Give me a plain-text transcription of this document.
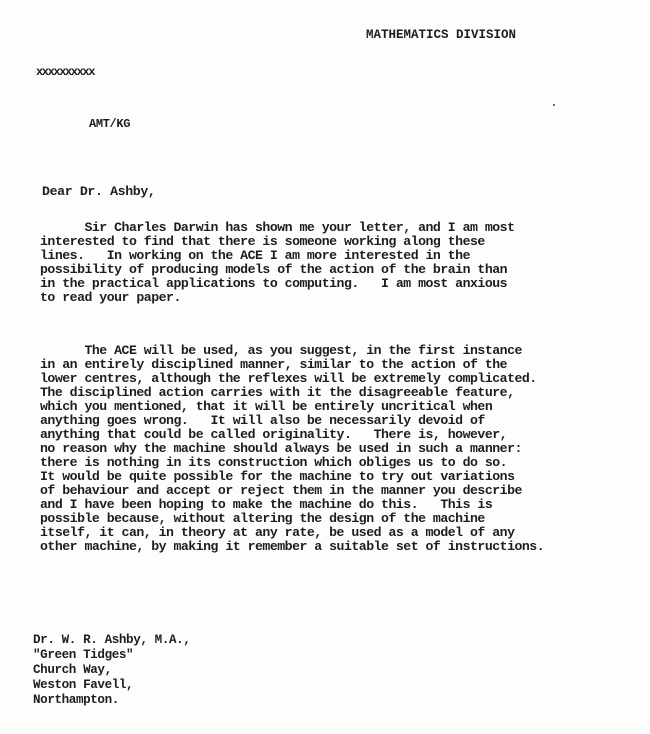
MATHEMATICS DIVISION
xxxxxxxxxx
AMT/KG
Dear Dr. Ashby,
Sir Charles Darwin has shown me your letter, and I am most
interested to find that there is someone working along these
lines.   In working on the ACE I am more interested in the
possibility of producing models of the action of the brain than
in the practical applications to computing.   I am most anxious
to read your paper.
The ACE will be used, as you suggest, in the first instance
in an entirely disciplined manner, similar to the action of the
lower centres, although the reflexes will be extremely complicated.
The disciplined action carries with it the disagreeable feature,
which you mentioned, that it will be entirely uncritical when
anything goes wrong.   It will also be necessarily devoid of
anything that could be called originality.   There is, however,
no reason why the machine should always be used in such a manner:
there is nothing in its construction which obliges us to do so.
It would be quite possible for the machine to try out variations
of behaviour and accept or reject them in the manner you describe
and I have been hoping to make the machine do this.   This is
possible because, without altering the design of the machine
itself, it can, in theory at any rate, be used as a model of any
other machine, by making it remember a suitable set of instructions.
Dr. W. R. Ashby, M.A.,
"Green Tidges"
Church Way,
Weston Favell,
Northampton.
